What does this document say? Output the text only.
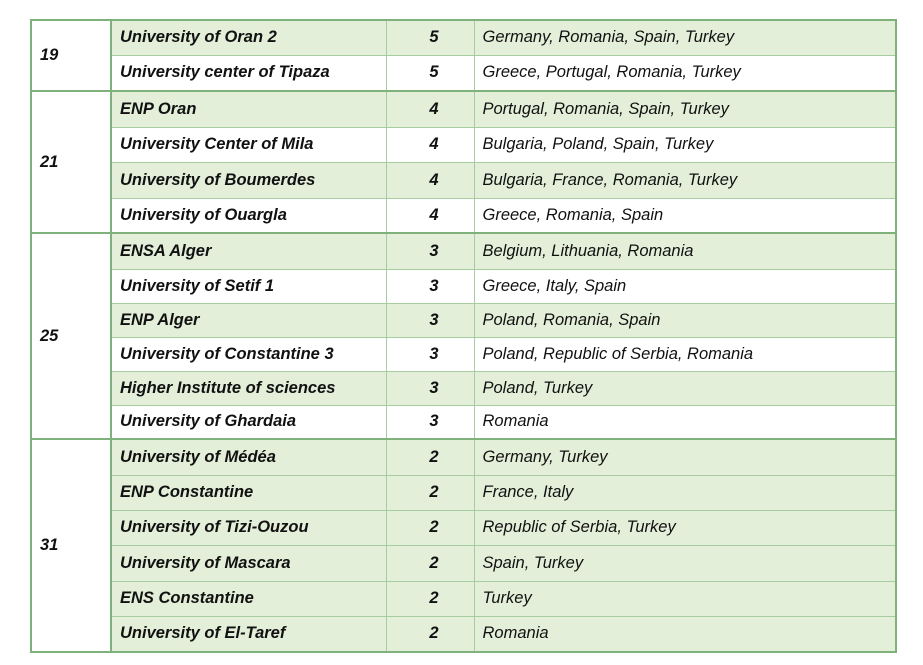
19	University of Oran 2	5	Germany, Romania, Spain, Turkey
	University center of Tipaza	5	Greece, Portugal, Romania, Turkey
21	ENP Oran	4	Portugal, Romania, Spain, Turkey
	University Center of Mila	4	Bulgaria, Poland, Spain, Turkey
	University of Boumerdes	4	Bulgaria, France, Romania, Turkey
	University of Ouargla	4	Greece, Romania, Spain
25	ENSA Alger	3	Belgium, Lithuania, Romania
	University of Setif 1	3	Greece, Italy, Spain
	ENP Alger	3	Poland, Romania, Spain
	University of Constantine 3	3	Poland, Republic of Serbia, Romania
	Higher Institute of sciences	3	Poland, Turkey
	University of Ghardaia	3	Romania
31	University of Médéa	2	Germany, Turkey
	ENP Constantine	2	France, Italy
	University of Tizi-Ouzou	2	Republic of Serbia, Turkey
	University of Mascara	2	Spain, Turkey
	ENS Constantine	2	Turkey
	University of El-Taref	2	Romania
